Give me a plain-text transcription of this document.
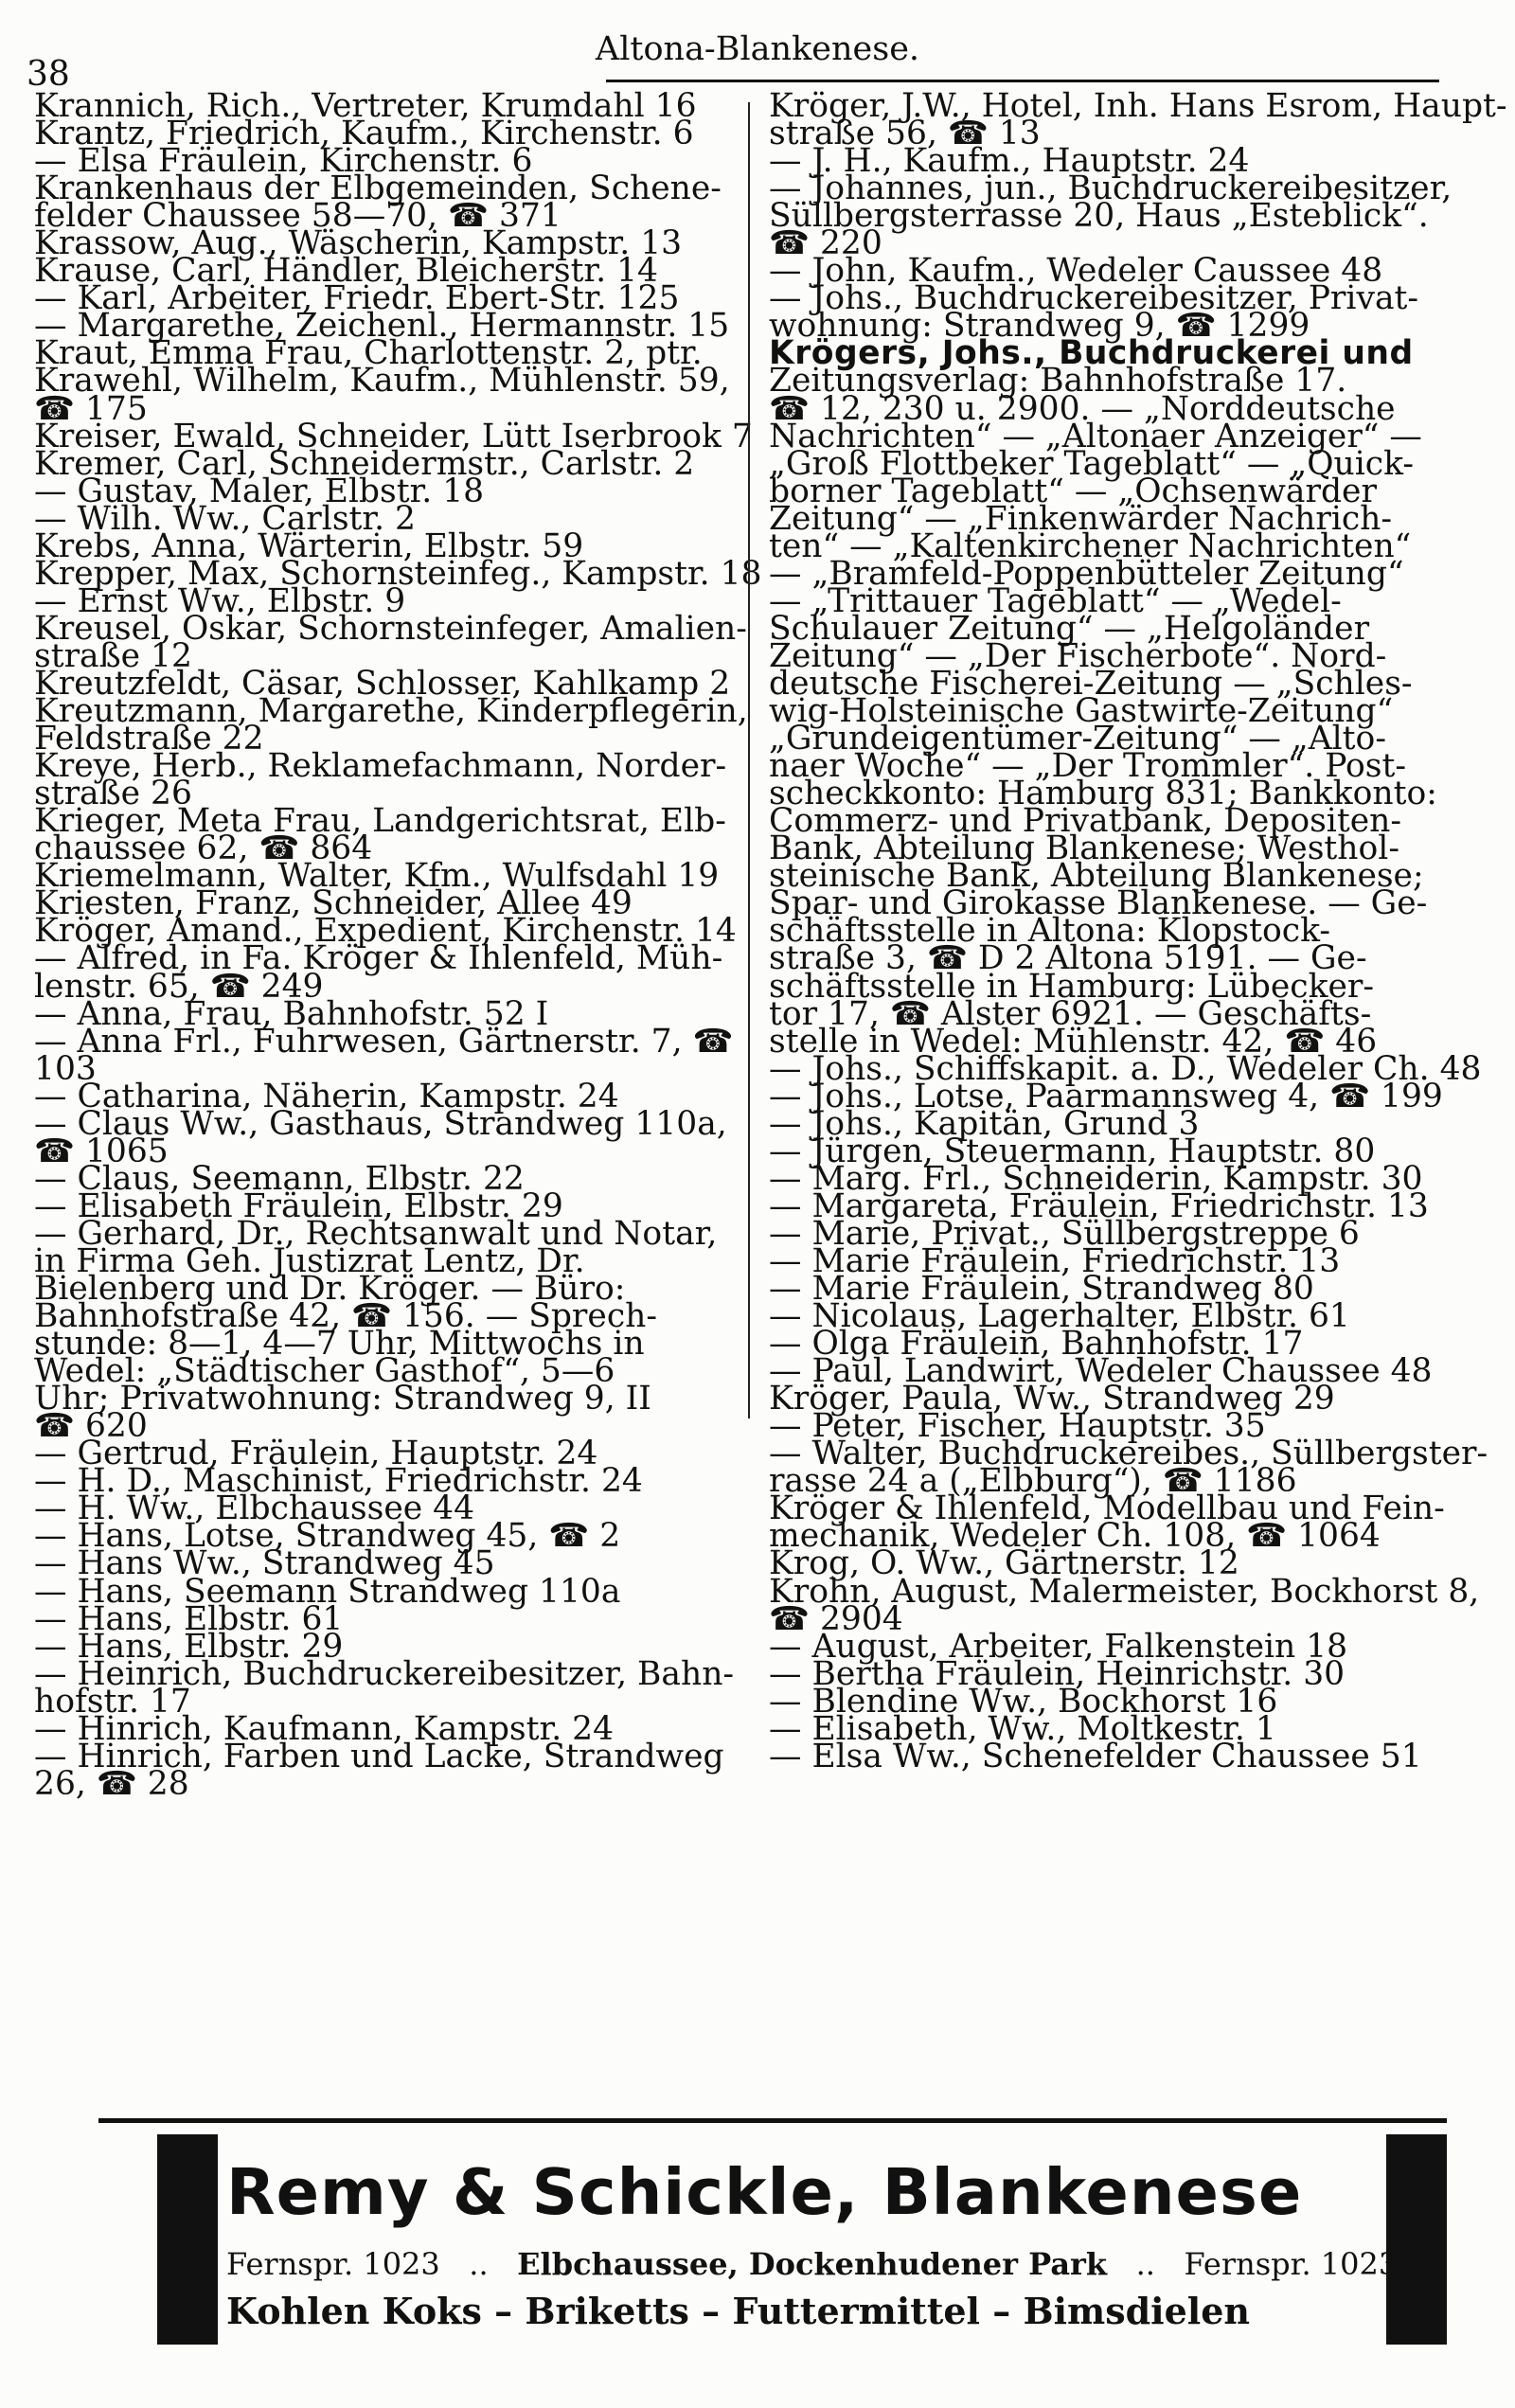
38
Altona-Blankenese.
Krannich, Rich., Vertreter, Krumdahl 16
Krantz, Friedrich, Kaufm., Kirchenstr. 6
— Elsa Fräulein, Kirchenstr. 6
Krankenhaus der Elbgemeinden, Schene-
felder Chaussee 58—70, ☎ 371
Krassow, Aug., Wäscherin, Kampstr. 13
Krause, Carl, Händler, Bleicherstr. 14
— Karl, Arbeiter, Friedr. Ebert-Str. 125
— Margarethe, Zeichenl., Hermannstr. 15
Kraut, Emma Frau, Charlottenstr. 2, ptr.
Krawehl, Wilhelm, Kaufm., Mühlenstr. 59,
☎ 175
Kreiser, Ewald, Schneider, Lütt Iserbrook 7
Kremer, Carl, Schneidermstr., Carlstr. 2
— Gustav, Maler, Elbstr. 18
— Wilh. Ww., Carlstr. 2
Krebs, Anna, Wärterin, Elbstr. 59
Krepper, Max, Schornsteinfeg., Kampstr. 18
— Ernst Ww., Elbstr. 9
Kreusel, Oskar, Schornsteinfeger, Amalien-
straße 12
Kreutzfeldt, Cäsar, Schlosser, Kahlkamp 2
Kreutzmann, Margarethe, Kinderpflegerin,
Feldstraße 22
Kreye, Herb., Reklamefachmann, Norder-
straße 26
Krieger, Meta Frau, Landgerichtsrat, Elb-
chaussee 62, ☎ 864
Kriemelmann, Walter, Kfm., Wulfsdahl 19
Kriesten, Franz, Schneider, Allee 49
Kröger, Amand., Expedient, Kirchenstr. 14
— Alfred, in Fa. Kröger & Ihlenfeld, Müh-
lenstr. 65, ☎ 249
— Anna, Frau, Bahnhofstr. 52 I
— Anna Frl., Fuhrwesen, Gärtnerstr. 7, ☎
103
— Catharina, Näherin, Kampstr. 24
— Claus Ww., Gasthaus, Strandweg 110a,
☎ 1065
— Claus, Seemann, Elbstr. 22
— Elisabeth Fräulein, Elbstr. 29
— Gerhard, Dr., Rechtsanwalt und Notar,
in Firma Geh. Justizrat Lentz, Dr.
Bielenberg und Dr. Kröger. — Büro:
Bahnhofstraße 42, ☎ 156. — Sprech-
stunde: 8—1, 4—7 Uhr, Mittwochs in
Wedel: „Städtischer Gasthof“, 5—6
Uhr; Privatwohnung: Strandweg 9, II
☎ 620
— Gertrud, Fräulein, Hauptstr. 24
— H. D., Maschinist, Friedrichstr. 24
— H. Ww., Elbchaussee 44
— Hans, Lotse, Strandweg 45, ☎ 2
— Hans Ww., Strandweg 45
— Hans, Seemann Strandweg 110a
— Hans, Elbstr. 61
— Hans, Elbstr. 29
— Heinrich, Buchdruckereibesitzer, Bahn-
hofstr. 17
— Hinrich, Kaufmann, Kampstr. 24
— Hinrich, Farben und Lacke, Strandweg
26, ☎ 28
Kröger, J.W., Hotel, Inh. Hans Esrom, Haupt-
straße 56, ☎ 13
— J. H., Kaufm., Hauptstr. 24
— Johannes, jun., Buchdruckereibesitzer,
Süllbergsterrasse 20, Haus „Esteblick“.
☎ 220
— John, Kaufm., Wedeler Caussee 48
— Johs., Buchdruckereibesitzer, Privat-
wohnung: Strandweg 9, ☎ 1299
Krögers, Johs., Buchdruckerei und
Zeitungsverlag: Bahnhofstraße 17.
☎ 12, 230 u. 2900. — „Norddeutsche
Nachrichten“ — „Altonaer Anzeiger“ —
„Groß Flottbeker Tageblatt“ — „Quick-
borner Tageblatt“ — „Ochsenwärder
Zeitung“ — „Finkenwärder Nachrich-
ten“ — „Kaltenkirchener Nachrichten“
— „Bramfeld-Poppenbütteler Zeitung“
— „Trittauer Tageblatt“ — „Wedel-
Schulauer Zeitung“ — „Helgoländer
Zeitung“ — „Der Fischerbote“. Nord-
deutsche Fischerei-Zeitung — „Schles-
wig-Holsteinische Gastwirte-Zeitung“
„Grundeigentümer-Zeitung“ — „Alto-
naer Woche“ — „Der Trommler“. Post-
scheckkonto: Hamburg 831; Bankkonto:
Commerz- und Privatbank, Depositen-
Bank, Abteilung Blankenese; Westhol-
steinische Bank, Abteilung Blankenese;
Spar- und Girokasse Blankenese. — Ge-
schäftsstelle in Altona: Klopstock-
straße 3, ☎ D 2 Altona 5191. — Ge-
schäftsstelle in Hamburg: Lübecker-
tor 17, ☎ Alster 6921. — Geschäfts-
stelle in Wedel: Mühlenstr. 42, ☎ 46
— Johs., Schiffskapit. a. D., Wedeler Ch. 48
— Johs., Lotse, Paarmannsweg 4, ☎ 199
— Johs., Kapitän, Grund 3
— Jürgen, Steuermann, Hauptstr. 80
— Marg. Frl., Schneiderin, Kampstr. 30
— Margareta, Fräulein, Friedrichstr. 13
— Marie, Privat., Süllbergstreppe 6
— Marie Fräulein, Friedrichstr. 13
— Marie Fräulein, Strandweg 80
— Nicolaus, Lagerhalter, Elbstr. 61
— Olga Fräulein, Bahnhofstr. 17
— Paul, Landwirt, Wedeler Chaussee 48
Kröger, Paula, Ww., Strandweg 29
— Peter, Fischer, Hauptstr. 35
— Walter, Buchdruckereibes., Süllbergster-
rasse 24 a („Elbburg“), ☎ 1186
Kröger & Ihlenfeld, Modellbau und Fein-
mechanik, Wedeler Ch. 108, ☎ 1064
Krog, O. Ww., Gärtnerstr. 12
Krohn, August, Malermeister, Bockhorst 8,
☎ 2904
— August, Arbeiter, Falkenstein 18
— Bertha Fräulein, Heinrichstr. 30
— Blendine Ww., Bockhorst 16
— Elisabeth, Ww., Moltkestr. 1
— Elsa Ww., Schenefelder Chaussee 51
Remy & Schickle, Blankenese
Fernspr. 1023 .. Elbchaussee, Dockenhudener Park .. Fernspr. 1023
Kohlen Koks – Briketts – Futtermittel – Bimsdielen
